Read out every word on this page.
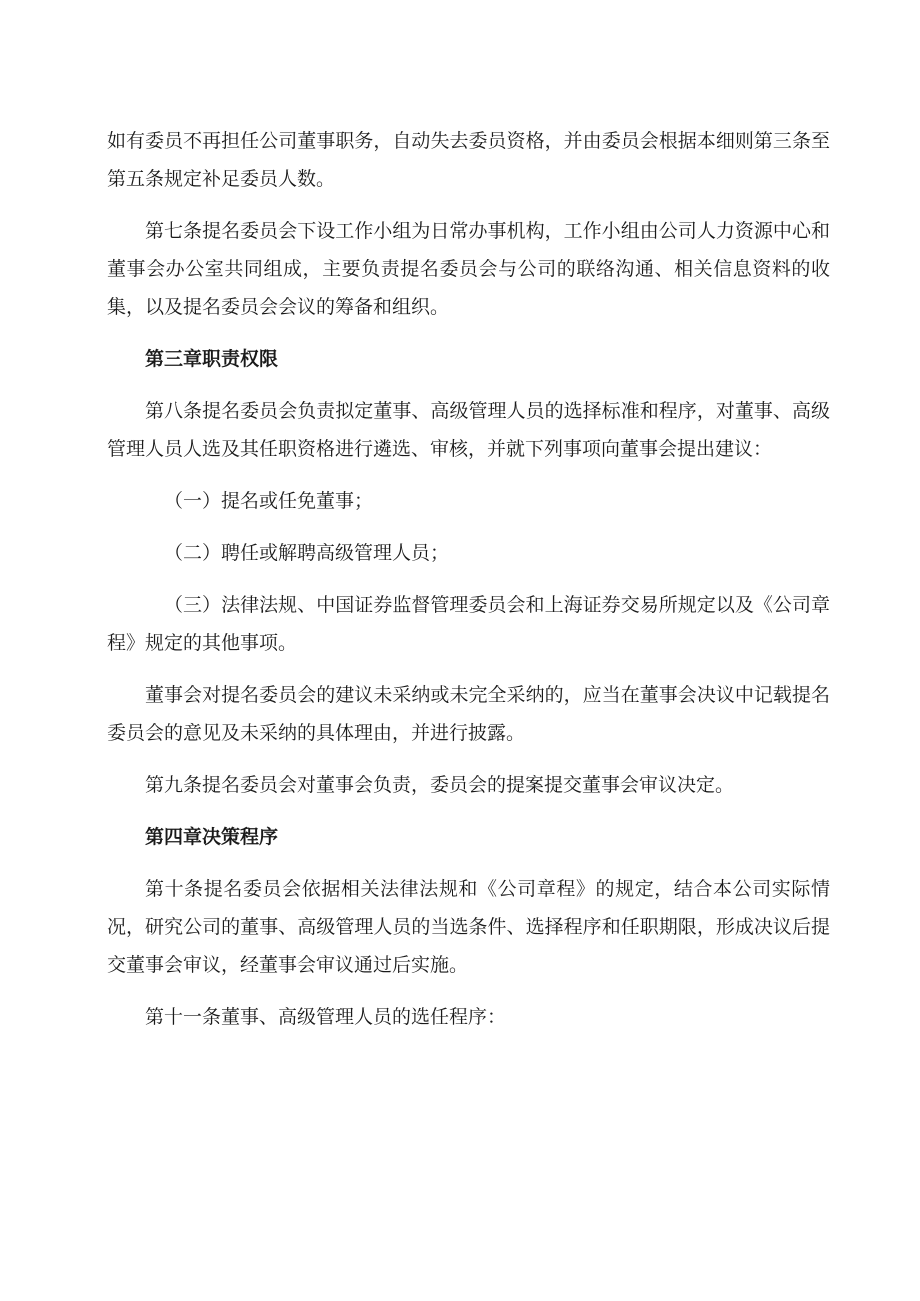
如有委员不再担任公司董事职务，自动失去委员资格，并由委员会根据本细则第三条至第五条规定补足委员人数。

第七条提名委员会下设工作小组为日常办事机构，工作小组由公司人力资源中心和董事会办公室共同组成，主要负责提名委员会与公司的联络沟通、相关信息资料的收集，以及提名委员会会议的筹备和组织。

第三章职责权限

第八条提名委员会负责拟定董事、高级管理人员的选择标准和程序，对董事、高级管理人员人选及其任职资格进行遴选、审核，并就下列事项向董事会提出建议：

（一）提名或任免董事；

（二）聘任或解聘高级管理人员；

（三）法律法规、中国证券监督管理委员会和上海证券交易所规定以及《公司章程》规定的其他事项。

董事会对提名委员会的建议未采纳或未完全采纳的，应当在董事会决议中记载提名委员会的意见及未采纳的具体理由，并进行披露。

第九条提名委员会对董事会负责，委员会的提案提交董事会审议决定。

第四章决策程序

第十条提名委员会依据相关法律法规和《公司章程》的规定，结合本公司实际情况，研究公司的董事、高级管理人员的当选条件、选择程序和任职期限，形成决议后提交董事会审议，经董事会审议通过后实施。

第十一条董事、高级管理人员的选任程序：
